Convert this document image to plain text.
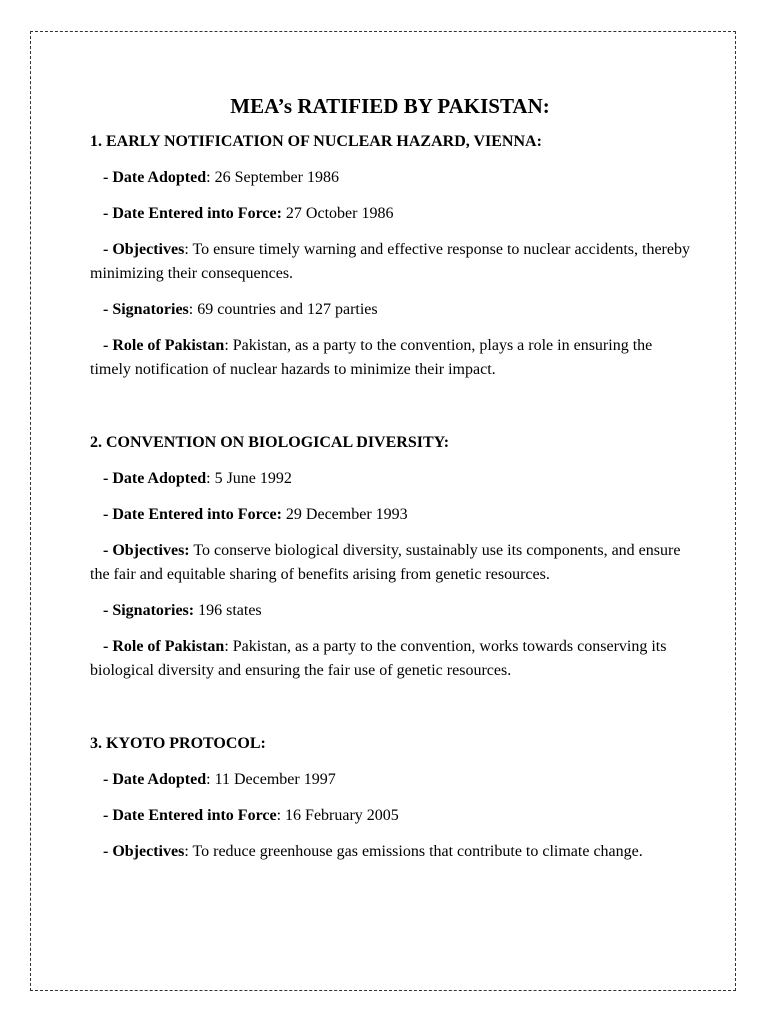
MEA’s RATIFIED BY PAKISTAN:

1. EARLY NOTIFICATION OF NUCLEAR HAZARD, VIENNA:

- Date Adopted: 26 September 1986

- Date Entered into Force: 27 October 1986

- Objectives: To ensure timely warning and effective response to nuclear accidents, thereby minimizing their consequences.

- Signatories: 69 countries and 127 parties

- Role of Pakistan: Pakistan, as a party to the convention, plays a role in ensuring the timely notification of nuclear hazards to minimize their impact.

2. CONVENTION ON BIOLOGICAL DIVERSITY:

- Date Adopted: 5 June 1992

- Date Entered into Force: 29 December 1993

- Objectives: To conserve biological diversity, sustainably use its components, and ensure the fair and equitable sharing of benefits arising from genetic resources.

- Signatories: 196 states

- Role of Pakistan: Pakistan, as a party to the convention, works towards conserving its biological diversity and ensuring the fair use of genetic resources.

3. KYOTO PROTOCOL:

- Date Adopted: 11 December 1997

- Date Entered into Force: 16 February 2005

- Objectives: To reduce greenhouse gas emissions that contribute to climate change.
